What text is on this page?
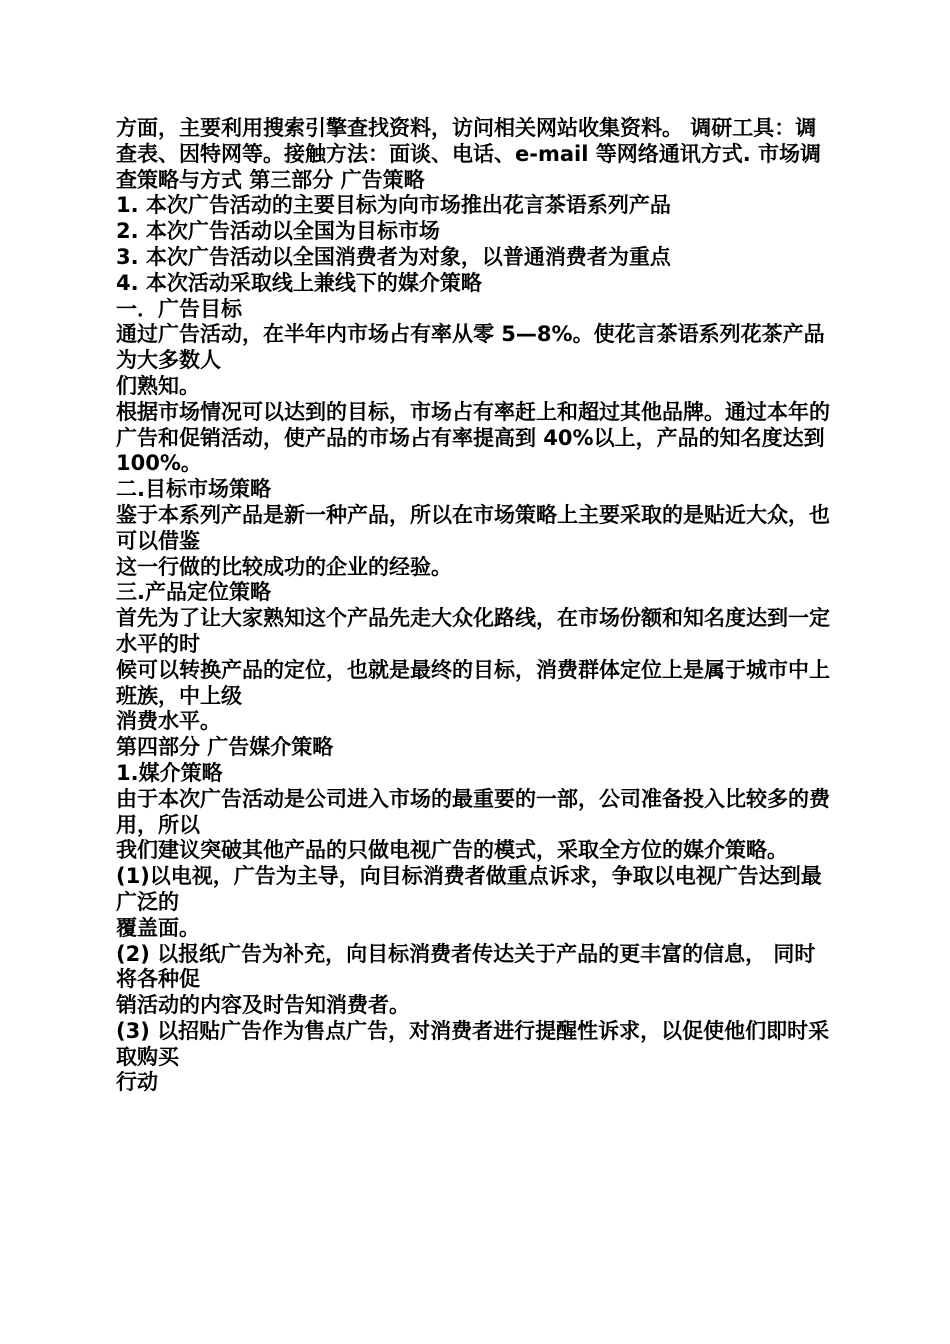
方面，主要利用搜索引擎查找资料，访问相关网站收集资料。 调研工具：调查表、因特网等。接触方法：面谈、电话、e-mail 等网络通讯方式. 市场调查策略与方式 第三部分 广告策略

1. 本次广告活动的主要目标为向市场推出花言茶语系列产品

2. 本次广告活动以全国为目标市场

3. 本次广告活动以全国消费者为对象，以普通消费者为重点

4. 本次活动采取线上兼线下的媒介策略

一．广告目标

通过广告活动，在半年内市场占有率从零 5—8%。使花言茶语系列花茶产品为大多数人

们熟知。

根据市场情况可以达到的目标，市场占有率赶上和超过其他品牌。通过本年的广告和促销活动，使产品的市场占有率提高到 40%以上，产品的知名度达到

100%。

二.目标市场策略

鉴于本系列产品是新一种产品，所以在市场策略上主要采取的是贴近大众，也可以借鉴

这一行做的比较成功的企业的经验。

三.产品定位策略

首先为了让大家熟知这个产品先走大众化路线，在市场份额和知名度达到一定水平的时

候可以转换产品的定位，也就是最终的目标，消费群体定位上是属于城市中上班族，中上级

消费水平。

第四部分 广告媒介策略

1.媒介策略

由于本次广告活动是公司进入市场的最重要的一部，公司准备投入比较多的费用，所以

我们建议突破其他产品的只做电视广告的模式，采取全方位的媒介策略。

(1)以电视，广告为主导，向目标消费者做重点诉求，争取以电视广告达到最广泛的

覆盖面。

(2) 以报纸广告为补充，向目标消费者传达关于产品的更丰富的信息， 同时将各种促

销活动的内容及时告知消费者。

(3) 以招贴广告作为售点广告，对消费者进行提醒性诉求，以促使他们即时采取购买

行动
